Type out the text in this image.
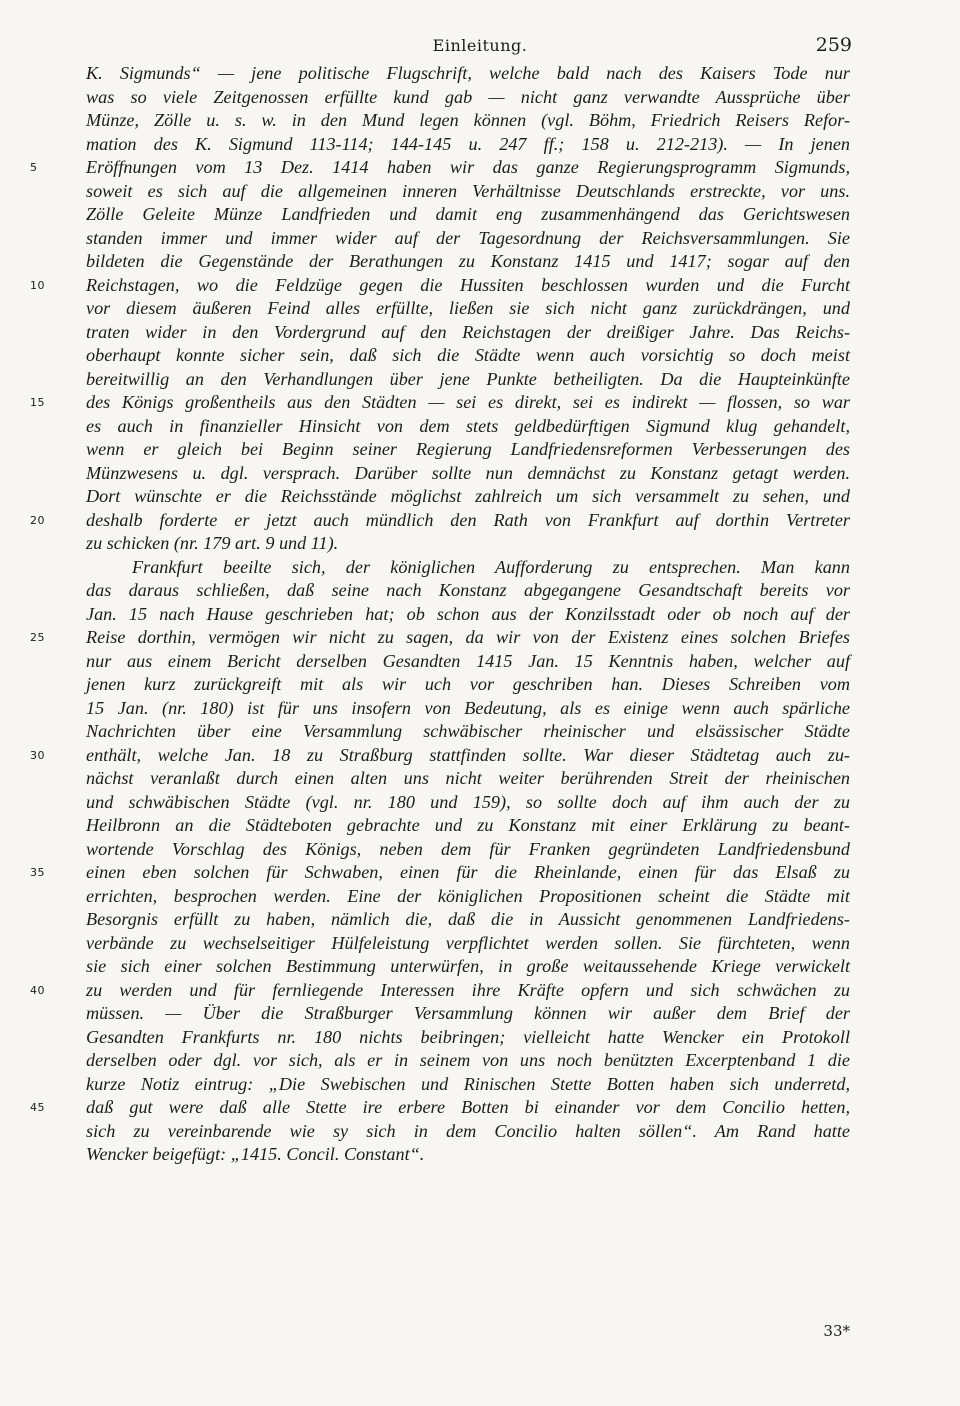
Einleitung.	259
K. Sigmunds“ — jene politische Flugschrift, welche bald nach des Kaisers Tode nur
was so viele Zeitgenossen erfüllte kund gab — nicht ganz verwandte Aussprüche über
Münze, Zölle u. s. w. in den Mund legen können (vgl. Böhm, Friedrich Reisers Refor-
mation des K. Sigmund 113-114; 144-145 u. 247 ff.; 158 u. 212-213). — In jenen
5	Eröffnungen vom 13 Dez. 1414 haben wir das ganze Regierungsprogramm Sigmunds,
soweit es sich auf die allgemeinen inneren Verhältnisse Deutschlands erstreckte, vor uns.
Zölle Geleite Münze Landfrieden und damit eng zusammenhängend das Gerichtswesen
standen immer und immer wider auf der Tagesordnung der Reichsversammlungen. Sie
bildeten die Gegenstände der Berathungen zu Konstanz 1415 und 1417; sogar auf den
10 Reichstagen, wo die Feldzüge gegen die Hussiten beschlossen wurden und die Furcht
vor diesem äußeren Feind alles erfüllte, ließen sie sich nicht ganz zurückdrängen, und
traten wider in den Vordergrund auf den Reichstagen der dreißiger Jahre. Das Reichs-
oberhaupt konnte sicher sein, daß sich die Städte wenn auch vorsichtig so doch meist
bereitwillig an den Verhandlungen über jene Punkte betheiligten. Da die Haupteinkünfte
15 des Königs großentheils aus den Städten — sei es direkt, sei es indirekt — flossen, so war
es auch in finanzieller Hinsicht von dem stets geldbedürftigen Sigmund klug gehandelt,
wenn er gleich bei Beginn seiner Regierung Landfriedensreformen Verbesserungen des
Münzwesens u. dgl. versprach. Darüber sollte nun demnächst zu Konstanz getagt werden.
Dort wünschte er die Reichsstände möglichst zahlreich um sich versammelt zu sehen, und
20 deshalb forderte er jetzt auch mündlich den Rath von Frankfurt auf dorthin Vertreter
zu schicken (nr. 179 art. 9 und 11).
Frankfurt beeilte sich, der königlichen Aufforderung zu entsprechen. Man kann
das daraus schließen, daß seine nach Konstanz abgegangene Gesandtschaft bereits vor
Jan. 15 nach Hause geschrieben hat; ob schon aus der Konzilsstadt oder ob noch auf der
25 Reise dorthin, vermögen wir nicht zu sagen, da wir von der Existenz eines solchen Briefes
nur aus einem Bericht derselben Gesandten 1415 Jan. 15 Kenntnis haben, welcher auf
jenen kurz zurückgreift mit als wir uch vor geschriben han. Dieses Schreiben vom
15 Jan. (nr. 180) ist für uns insofern von Bedeutung, als es einige wenn auch spärliche
Nachrichten über eine Versammlung schwäbischer rheinischer und elsässischer Städte
30 enthält, welche Jan. 18 zu Straßburg stattfinden sollte. War dieser Städtetag auch zu-
nächst veranlaßt durch einen alten uns nicht weiter berührenden Streit der rheinischen
und schwäbischen Städte (vgl. nr. 180 und 159), so sollte doch auf ihm auch der zu
Heilbronn an die Städteboten gebrachte und zu Konstanz mit einer Erklärung zu beant-
wortende Vorschlag des Königs, neben dem für Franken gegründeten Landfriedensbund
35 einen eben solchen für Schwaben, einen für die Rheinlande, einen für das Elsaß zu
errichten, besprochen werden. Eine der königlichen Propositionen scheint die Städte mit
Besorgnis erfüllt zu haben, nämlich die, daß die in Aussicht genommenen Landfriedens-
verbände zu wechselseitiger Hülfeleistung verpflichtet werden sollen. Sie fürchteten, wenn
sie sich einer solchen Bestimmung unterwürfen, in große weitaussehende Kriege verwickelt
40 zu werden und für fernliegende Interessen ihre Kräfte opfern und sich schwächen zu
müssen. — Über die Straßburger Versammlung können wir außer dem Brief der
Gesandten Frankfurts nr. 180 nichts beibringen; vielleicht hatte Wencker ein Protokoll
derselben oder dgl. vor sich, als er in seinem von uns noch benützten Excerptenband 1 die
kurze Notiz eintrug: „Die Swebischen und Rinischen Stette Botten haben sich underretd,
45 daß gut were daß alle Stette ire erbere Botten bi einander vor dem Concilio hetten,
sich zu vereinbarende wie sy sich in dem Concilio halten söllen“. Am Rand hatte
Wencker beigefügt: „1415. Concil. Constant“.
33*
